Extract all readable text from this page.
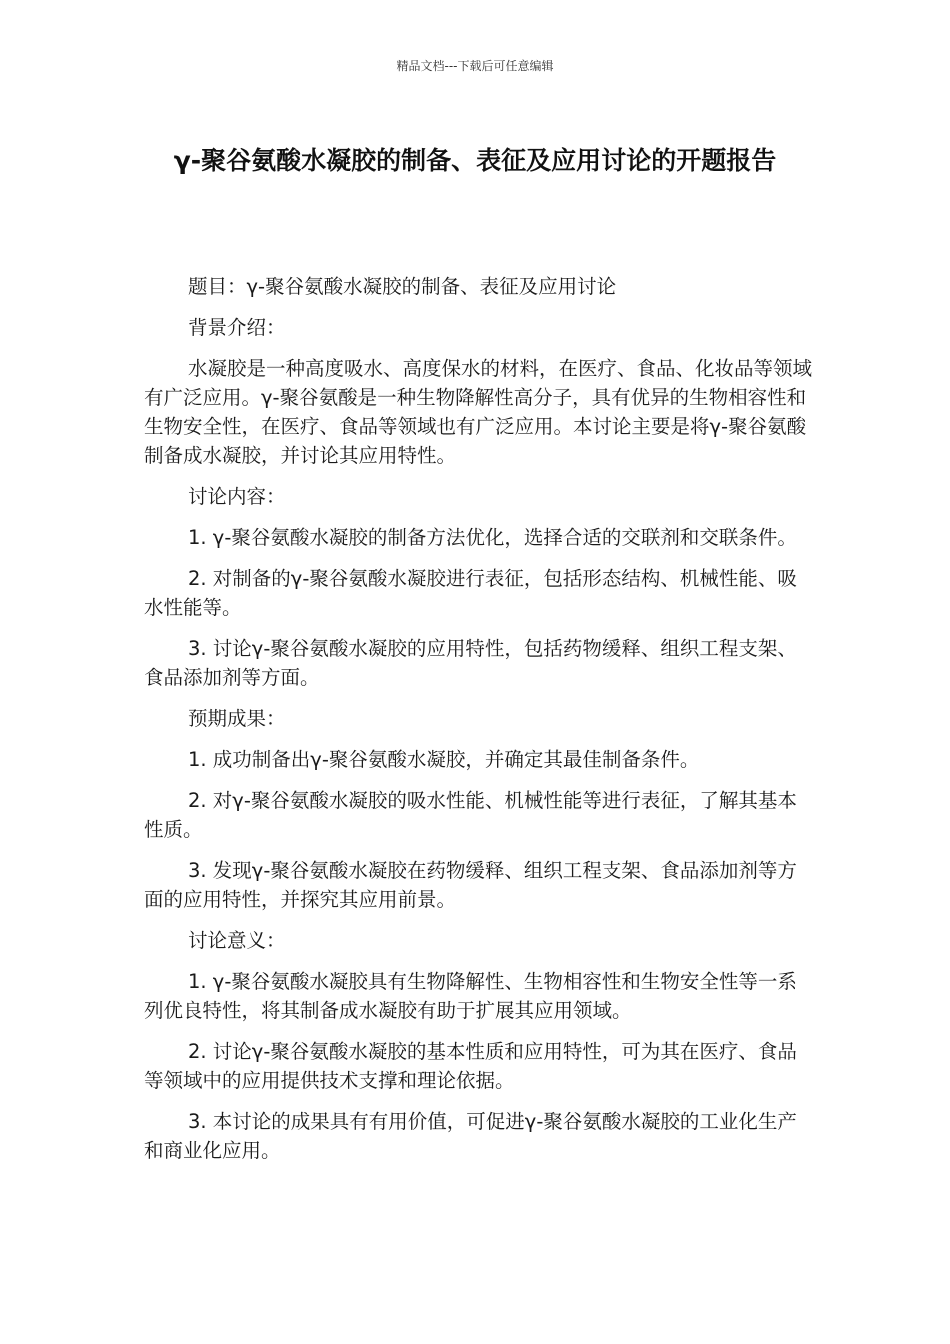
精品文档---下载后可任意编辑
γ-聚谷氨酸水凝胶的制备、表征及应用讨论的开题报告

题目：γ-聚谷氨酸水凝胶的制备、表征及应用讨论

背景介绍：

水凝胶是一种高度吸水、高度保水的材料，在医疗、食品、化妆品等领域有广泛应用。γ-聚谷氨酸是一种生物降解性高分子，具有优异的生物相容性和生物安全性，在医疗、食品等领域也有广泛应用。本讨论主要是将γ-聚谷氨酸制备成水凝胶，并讨论其应用特性。

讨论内容：

1. γ-聚谷氨酸水凝胶的制备方法优化，选择合适的交联剂和交联条件。

2. 对制备的γ-聚谷氨酸水凝胶进行表征，包括形态结构、机械性能、吸水性能等。

3. 讨论γ-聚谷氨酸水凝胶的应用特性，包括药物缓释、组织工程支架、食品添加剂等方面。

预期成果：

1. 成功制备出γ-聚谷氨酸水凝胶，并确定其最佳制备条件。

2. 对γ-聚谷氨酸水凝胶的吸水性能、机械性能等进行表征，了解其基本性质。

3. 发现γ-聚谷氨酸水凝胶在药物缓释、组织工程支架、食品添加剂等方面的应用特性，并探究其应用前景。

讨论意义：

1. γ-聚谷氨酸水凝胶具有生物降解性、生物相容性和生物安全性等一系列优良特性，将其制备成水凝胶有助于扩展其应用领域。

2. 讨论γ-聚谷氨酸水凝胶的基本性质和应用特性，可为其在医疗、食品等领域中的应用提供技术支撑和理论依据。

3. 本讨论的成果具有有用价值，可促进γ-聚谷氨酸水凝胶的工业化生产和商业化应用。
